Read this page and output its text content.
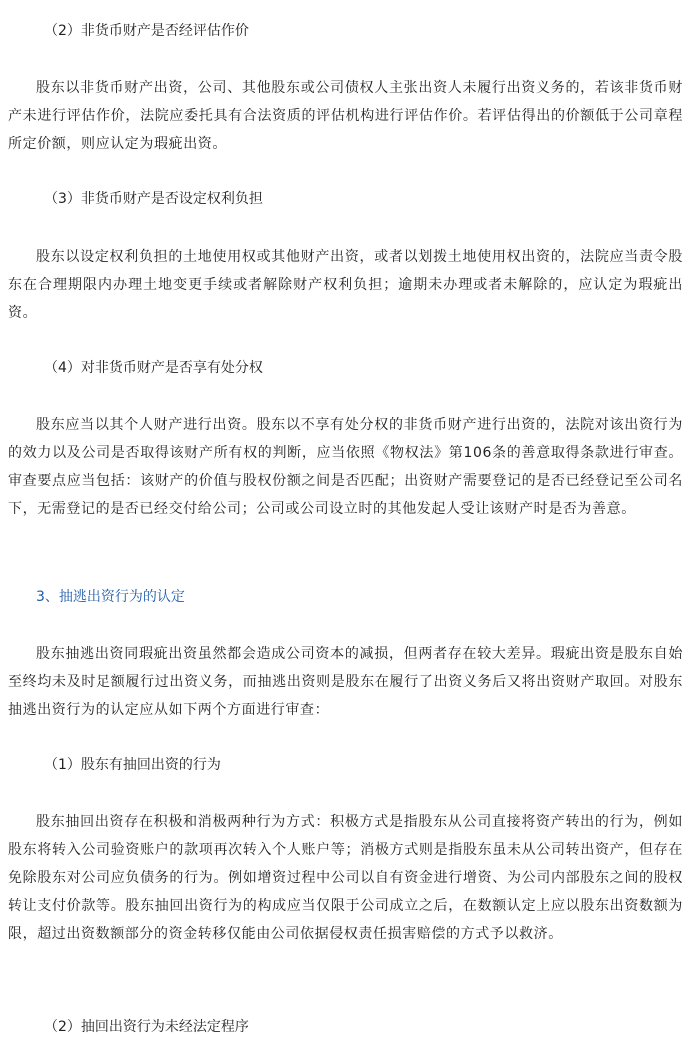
（2）非货币财产是否经评估作价
股东以非货币财产出资，公司、其他股东或公司债权人主张出资人未履行出资义务的，若该非货币财产未进行评估作价，法院应委托具有合法资质的评估机构进行评估作价。若评估得出的价额低于公司章程所定价额，则应认定为瑕疵出资。
（3）非货币财产是否设定权利负担
股东以设定权利负担的土地使用权或其他财产出资，或者以划拨土地使用权出资的，法院应当责令股东在合理期限内办理土地变更手续或者解除财产权利负担；逾期未办理或者未解除的，应认定为瑕疵出资。
（4）对非货币财产是否享有处分权
股东应当以其个人财产进行出资。股东以不享有处分权的非货币财产进行出资的，法院对该出资行为的效力以及公司是否取得该财产所有权的判断，应当依照《物权法》第106条的善意取得条款进行审查。审查要点应当包括：该财产的价值与股权份额之间是否匹配；出资财产需要登记的是否已经登记至公司名下，无需登记的是否已经交付给公司；公司或公司设立时的其他发起人受让该财产时是否为善意。
3、抽逃出资行为的认定
股东抽逃出资同瑕疵出资虽然都会造成公司资本的减损，但两者存在较大差异。瑕疵出资是股东自始至终均未及时足额履行过出资义务，而抽逃出资则是股东在履行了出资义务后又将出资财产取回。对股东抽逃出资行为的认定应从如下两个方面进行审查：
（1）股东有抽回出资的行为
股东抽回出资存在积极和消极两种行为方式：积极方式是指股东从公司直接将资产转出的行为，例如股东将转入公司验资账户的款项再次转入个人账户等；消极方式则是指股东虽未从公司转出资产，但存在免除股东对公司应负债务的行为。例如增资过程中公司以自有资金进行增资、为公司内部股东之间的股权转让支付价款等。股东抽回出资行为的构成应当仅限于公司成立之后，在数额认定上应以股东出资数额为限，超过出资数额部分的资金转移仅能由公司依据侵权责任损害赔偿的方式予以救济。
（2）抽回出资行为未经法定程序
